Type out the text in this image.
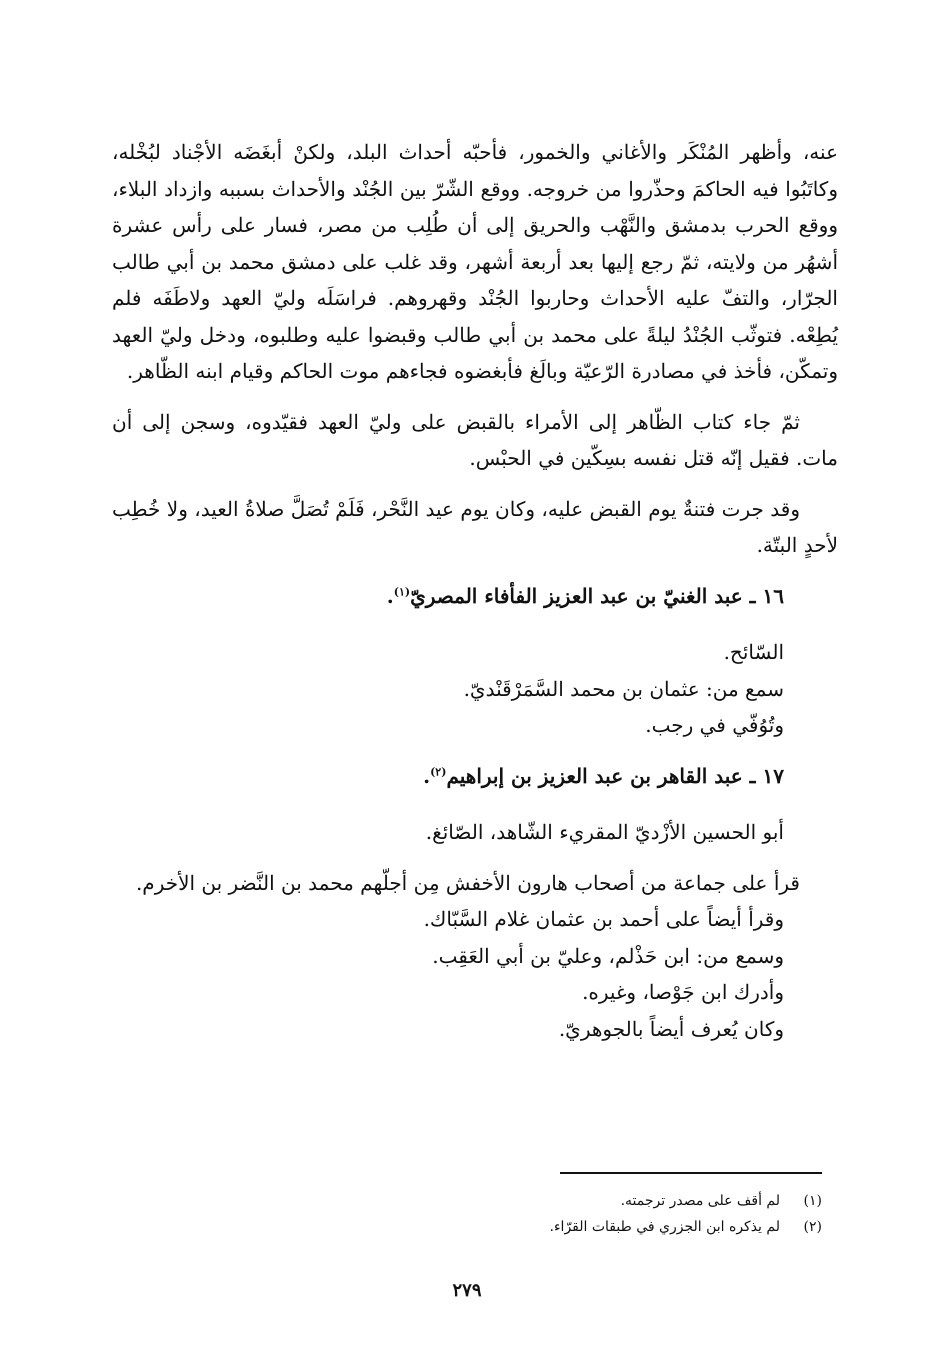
عنه، وأظهر المُنْكَر والأغاني والخمور، فأحبّه أحداث البلد، ولكنْ أبغَضَه الأجْناد لبُخْله، وكاتَبُوا فيه الحاكمَ وحذّروا من خروجه. ووقع الشّرّ بين الجُنْد والأحداث بسببه وازداد البلاء، ووقع الحرب بدمشق والنَّهْب والحريق إلى أن طُلِب من مصر، فسار على رأس عشرة أشهُر من ولايته، ثمّ رجع إليها بعد أربعة أشهر، وقد غلب على دمشق محمد بن أبي طالب الجرّار، والتفّ عليه الأحداث وحاربوا الجُنْد وقهروهم. فراسَلَه وليّ العهد ولاطَفَه فلم يُطِعْه. فتوثّب الجُنْدُ ليلةً على محمد بن أبي طالب وقبضوا عليه وطلبوه، ودخل وليّ العهد وتمكّن، فأخذ في مصادرة الرّعيّة وبالَغ فأبغضوه فجاءهم موت الحاكم وقيام ابنه الظّاهر.

ثمّ جاء كتاب الظّاهر إلى الأمراء بالقبض على وليّ العهد فقيّدوه، وسجن إلى أن مات. فقيل إنّه قتل نفسه بسِكّين في الحبْس.

وقد جرت فتنةٌ يوم القبض عليه، وكان يوم عيد النَّحْر، فَلَمْ تُصَلَّ صلاةُ العيد، ولا خُطِب لأحدٍ البتّة.

١٦ ـ عبد الغنيّ بن عبد العزيز الفأفاء المصريّ$^{(١)}$.

السّائح.

سمع من: عثمان بن محمد السَّمَرْقَنْديّ.

وتُوُفّي في رجب.

١٧ ـ عبد القاهر بن عبد العزيز بن إبراهيم$^{(٢)}$.

أبو الحسين الأزْديّ المقريء الشّاهد، الصّائغ.

قرأ على جماعة من أصحاب هارون الأخفش مِن أجلّهم محمد بن النَّضر بن الأخرم.

وقرأ أيضاً على أحمد بن عثمان غلام السَّبّاك.

وسمع من: ابن حَذْلم، وعليّ بن أبي العَقِب.

وأدرك ابن جَوْصا، وغيره.

وكان يُعرف أيضاً بالجوهريّ.

(١)لم أقف على مصدر ترجمته.

(٢)لم يذكره ابن الجزري في طبقات القرّاء.

٢٧٩
